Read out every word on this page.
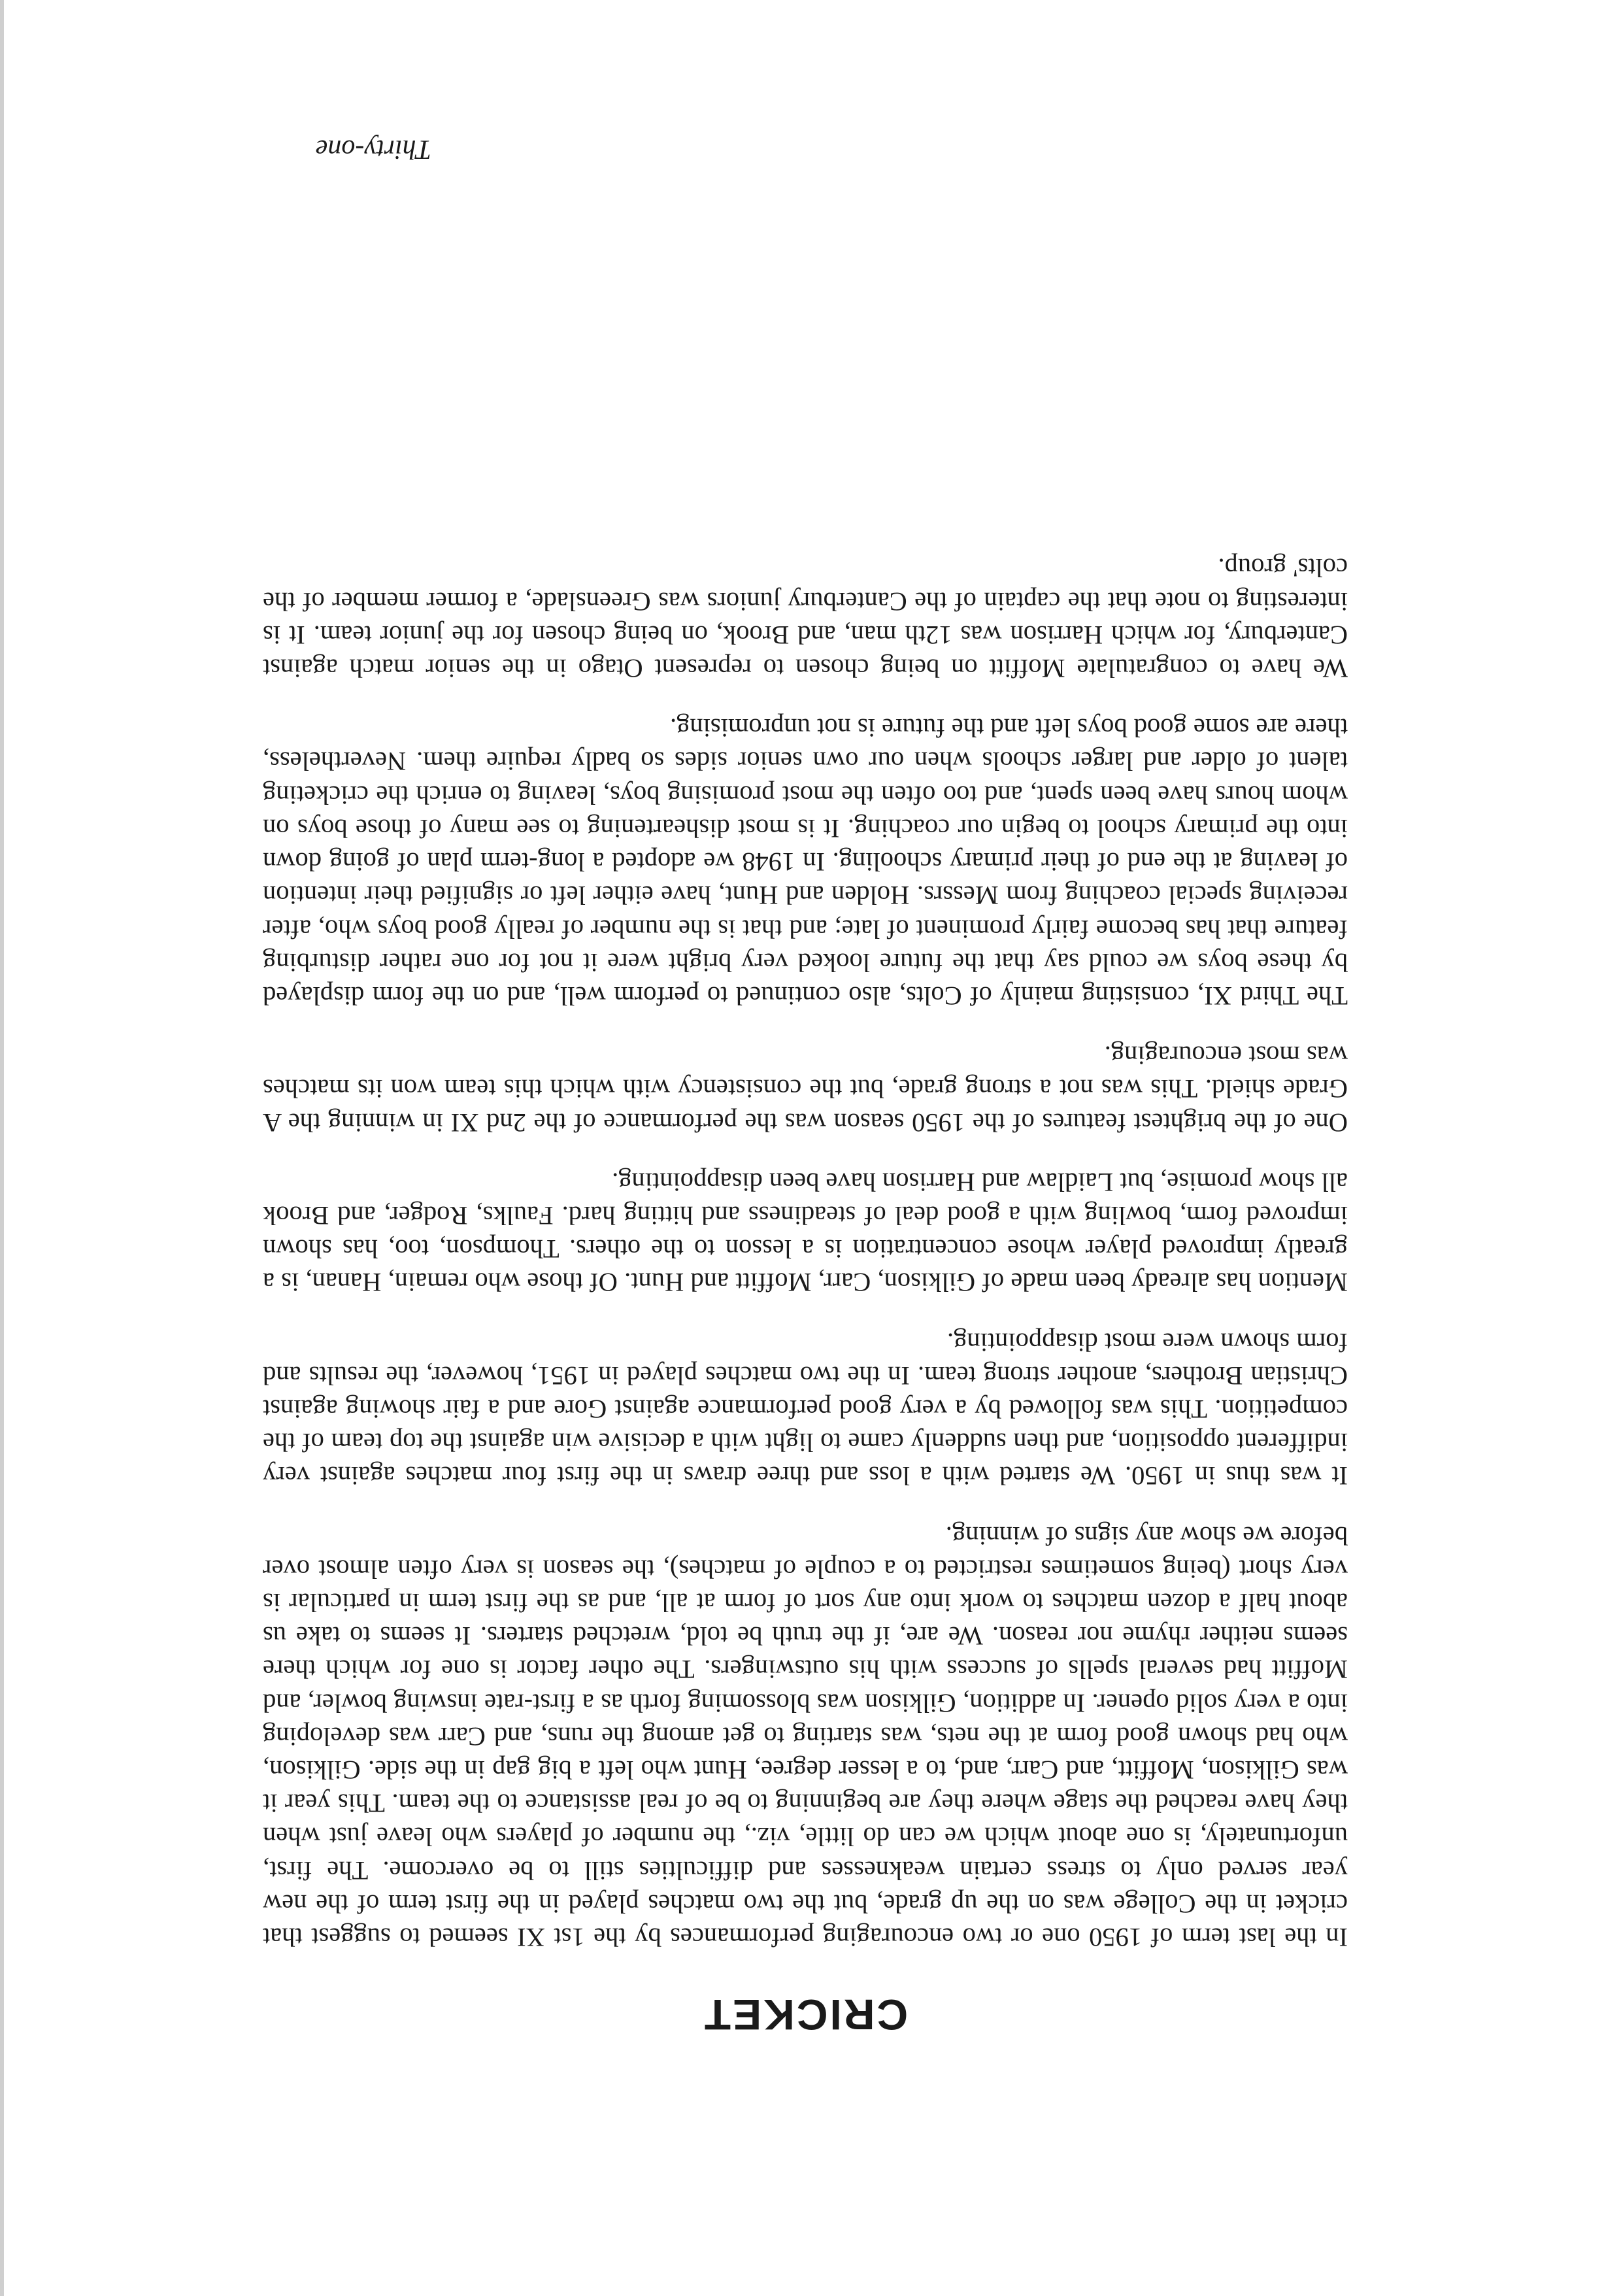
CRICKET

In the last term of 1950 one or two encouraging performances by the 1st XI seemed to suggest that cricket in the College was on the up grade, but the two matches played in the first term of the new year served only to stress certain weaknesses and difficulties still to be overcome. The first, unfortunately, is one about which we can do little, viz., the number of players who leave just when they have reached the stage where they are beginning to be of real assistance to the team. This year it was Gilkison, Moffitt, and Carr, and, to a lesser degree, Hunt who left a big gap in the side. Gilkison, who had shown good form at the nets, was starting to get among the runs, and Carr was developing into a very solid opener. In addition, Gilkison was blossoming forth as a first-rate inswing bowler, and Moffitt had several spells of success with his outswingers. The other factor is one for which there seems neither rhyme nor reason. We are, if the truth be told, wretched starters. It seems to take us about half a dozen matches to work into any sort of form at all, and as the first term in particular is very short (being sometimes restricted to a couple of matches), the season is very often almost over before we show any signs of winning.

It was thus in 1950. We started with a loss and three draws in the first four matches against very indifferent opposition, and then suddenly came to light with a decisive win against the top team of the competition. This was followed by a very good performance against Gore and a fair showing against Christian Brothers, another strong team. In the two matches played in 1951, however, the results and form shown were most disappointing.

Mention has already been made of Gilkison, Carr, Moffitt and Hunt. Of those who remain, Hanan, is a greatly improved player whose concentration is a lesson to the others. Thompson, too, has shown improved form, bowling with a good deal of steadiness and hitting hard. Faulks, Rodger, and Brook all show promise, but Laidlaw and Harrison have been disappointing.

One of the brightest features of the 1950 season was the performance of the 2nd XI in winning the A Grade shield. This was not a strong grade, but the consistency with which this team won its matches was most encouraging.

The Third XI, consisting mainly of Colts, also continued to perform well, and on the form displayed by these boys we could say that the future looked very bright were it not for one rather disturbing feature that has become fairly prominent of late; and that is the number of really good boys who, after receiving special coaching from Messrs. Holden and Hunt, have either left or signified their intention of leaving at the end of their primary schooling. In 1948 we adopted a long-term plan of going down into the primary school to begin our coaching. It is most disheartening to see many of those boys on whom hours have been spent, and too often the most promising boys, leaving to enrich the cricketing talent of older and larger schools when our own senior sides so badly require them. Nevertheless, there are some good boys left and the future is not unpromising.

We have to congratulate Moffitt on being chosen to represent Otago in the senior match against Canterbury, for which Harrison was 12th man, and Brook, on being chosen for the junior team. It is interesting to note that the captain of the Canterbury juniors was Greenslade, a former member of the colts' group.

Thirty-one
